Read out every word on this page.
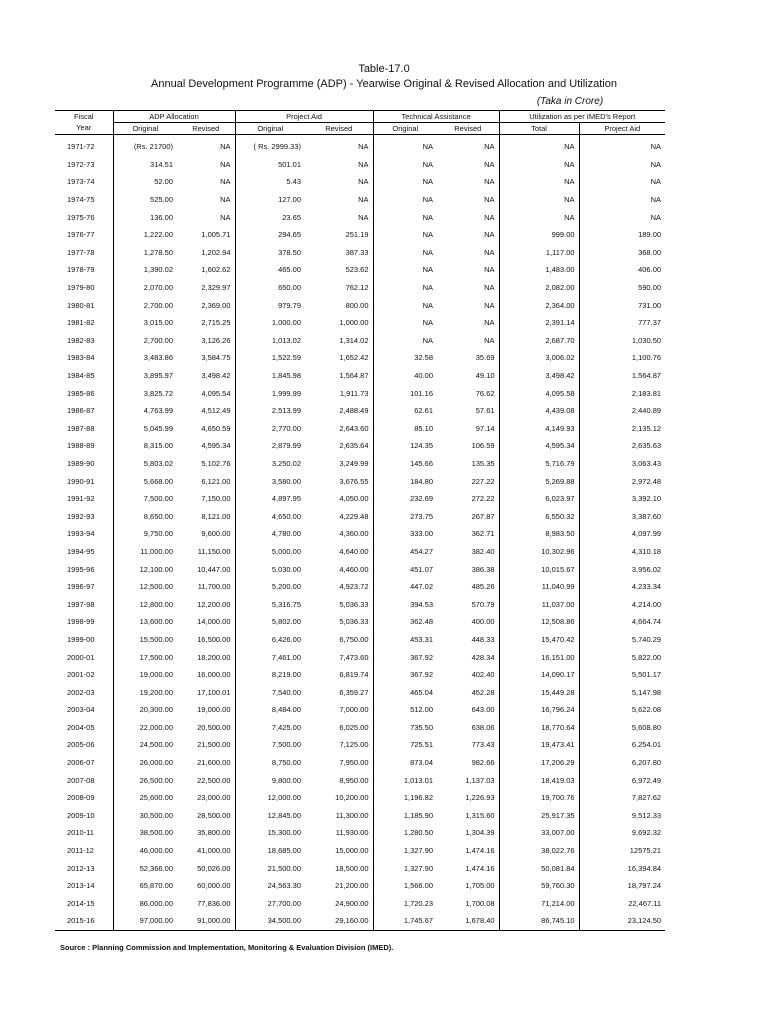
Table-17.0
Annual Development Programme (ADP) - Yearwise Original & Revised Allocation and Utilization
(Taka in Crore)
Fiscal	ADP Allocation		Project Aid		Technical Assistance		Utilization as per IMED's Report	
Year	Original	Revised	Original	Revised	Original	Revised	Total	Project Aid
1971-72	(Rs. 21700)	NA	( Rs. 2999.33)	NA	NA	NA	NA	NA
1972-73	314.51	NA	501.01	NA	NA	NA	NA	NA
1973-74	52.00	NA	5.43	NA	NA	NA	NA	NA
1974-75	525.00	NA	127.00	NA	NA	NA	NA	NA
1975-76	136.00	NA	23.65	NA	NA	NA	NA	NA
1976-77	1,222.00	1,005.71	294.65	251.19	NA	NA	999.00	189.00
1977-78	1,278.50	1,202.94	378.50	387.33	NA	NA	1,117.00	368.00
1978-79	1,390.02	1,602.62	465.00	523.62	NA	NA	1,483.00	406.00
1979-80	2,070.00	2,329.97	650.00	762.12	NA	NA	2,082.00	590.00
1980-81	2,700.00	2,369.00	979.79	800.00	NA	NA	2,364.00	731.00
1981-82	3,015.00	2,715.25	1,000.00	1,000.00	NA	NA	2,391.14	777.37
1982-83	2,700.00	3,126.26	1,013.02	1,314.02	NA	NA	2,687.70	1,030.50
1983-84	3,483.86	3,584.75	1,522.59	1,652.42	32.58	35.69	3,006.02	1,100.76
1984-85	3,895.97	3,498.42	1,845.98	1,564.87	40.00	49.10	3,498.42	1,564.87
1985-86	3,825.72	4,095.54	1,999.99	1,911.73	101.16	76.62	4,095.58	2,183.81
1986-87	4,763.99	4,512.49	2,513.99	2,488.49	62.61	57.61	4,439.08	2,440.89
1987-88	5,045.99	4,650.59	2,770.00	2,643.60	85.10	97.14	4,149.93	2,135.12
1988-89	8,315.00	4,595.34	2,879.99	2,635.64	124.35	106.59	4,595.34	2,635.63
1989-90	5,803.02	5,102.76	3,250.02	3,249.99	145.66	135.35	5,716.79	3,063.43
1990-91	5,668.00	6,121.00	3,580.00	3,676.55	184.80	227.22	5,269.88	2,972.48
1991-92	7,500.00	7,150.00	4,897.95	4,050.00	232.69	272.22	6,023.97	3,392.10
1992-93	8,650.00	8,121.00	4,650.00	4,229.48	273.75	267.87	6,550.32	3,387.60
1993-94	9,750.00	9,600.00	4,780.00	4,360.00	333.00	362.71	8,983.50	4,097.99
1994-95	11,000.00	11,150.00	5,000.00	4,640.00	454.27	382.40	10,302.96	4,310.18
1995-96	12,100.00	10,447.00	5,030.00	4,460.00	451.07	386.38	10,015.67	3,956.02
1996-97	12,500.00	11,700.00	5,200.00	4,923.72	447.02	485.26	11,040.99	4,233.34
1997-98	12,800.00	12,200.00	5,316.75	5,036.33	394.53	570.79	11,037.00	4,214.00
1998-99	13,600.00	14,000.00	5,802.00	5,036.33	362.48	400.00	12,508.86	4,664.74
1999-00	15,500.00	16,500.00	6,426.00	6,750.00	453.31	448.33	15,470.42	5,740.29
2000-01	17,500.00	18,200.00	7,461.00	7,473.60	367.92	428.34	16,151.00	5,822.00
2001-02	19,000.00	16,000.00	8,219.00	6,819.74	367.92	402.40	14,090.17	5,501.17
2002-03	19,200.00	17,100.01	7,540.00	6,359.27	465.04	452.28	15,449.28	5,147.98
2003-04	20,300.00	19,000.00	8,484.00	7,000.00	512.00	643.00	16,796.24	5,622.08
2004-05	22,000.00	20,500.00	7,425.00	6,025.00	735.50	638.06	18,770.64	5,608.80
2005-06	24,500.00	21,500.00	7,500.00	7,125.00	725.51	773.43	19,473.41	6,254.01
2006-07	26,000.00	21,600.00	8,750.00	7,950.00	873.04	982.66	17,206.29	6,207.80
2007-08	26,500.00	22,500.00	9,800.00	8,950.00	1,013.01	1,137.03	18,419.03	6,972.49
2008-09	25,600.00	23,000.00	12,000.00	10,200.00	1,196.82	1,226.93	19,700.76	7,827.62
2009-10	30,500.00	28,500.00	12,845.00	11,300.00	1,185.90	1,315.60	25,917.35	9,512.33
2010-11	38,500.00	35,800.00	15,300.00	11,930.00	1,280.50	1,304.39	33,007.00	9,692.32
2011-12	46,000.00	41,000.00	18,685.00	15,000.00	1,327.90	1,474.16	38,022.76	12575.21
2012-13	52,366.00	50,026.00	21,500.00	18,500.00	1,327.90	1,474.16	50,081.84	16,394.84
2013-14	65,870.00	60,000.00	24,563.30	21,200.00	1,566.00	1,705.00	59,760.30	18,797.24
2014-15	86,000.00	77,836.00	27,700.00	24,900.00	1,720.23	1,700.08	71,214.00	22,467.11
2015-16	97,000.00	91,000.00	34,500.00	29,160.00	1,745.67	1,678.40	86,745.10	23,124.50
Source : Planning Commission and Implementation, Monitoring & Evaluation Division (IMED).
